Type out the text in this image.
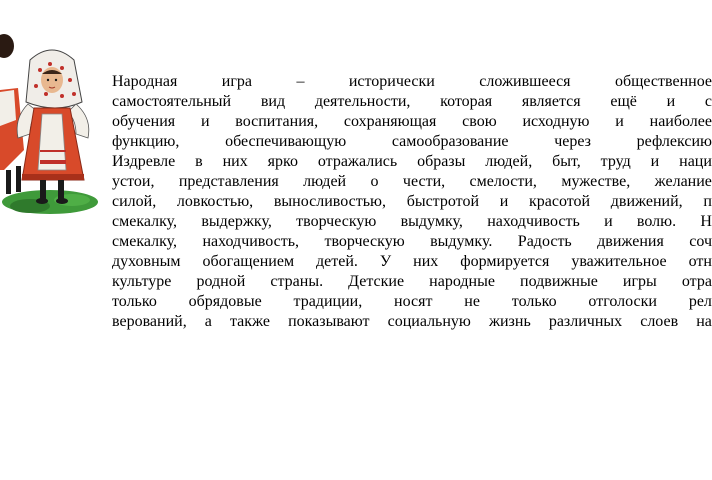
Народная	игра	–	исторически	сложившееся	общественное
самостоятельный вид деятельности, которая является ещё и с
обучения и воспитания, сохраняющая свою исходную и наиболее
функцию,	обеспечивающую	самообразование	через	рефлексию
Издревле в них ярко отражались образы людей, быт, труд и наци
устои, представления людей о чести, смелости, мужестве, желание
силой, ловкостью, выносливостью, быстротой и красотой движений, п
смекалку, выдержку, творческую выдумку, находчивость и волю. Н
смекалку, находчивость, творческую выдумку. Радость движения соч
духовным обогащением детей. У них формируется уважительное отн
культуре родной страны. Детские народные подвижные игры отра
только обрядовые традиции, носят не только отголоски рел
верований, а также показывают социальную жизнь различных слоев на
